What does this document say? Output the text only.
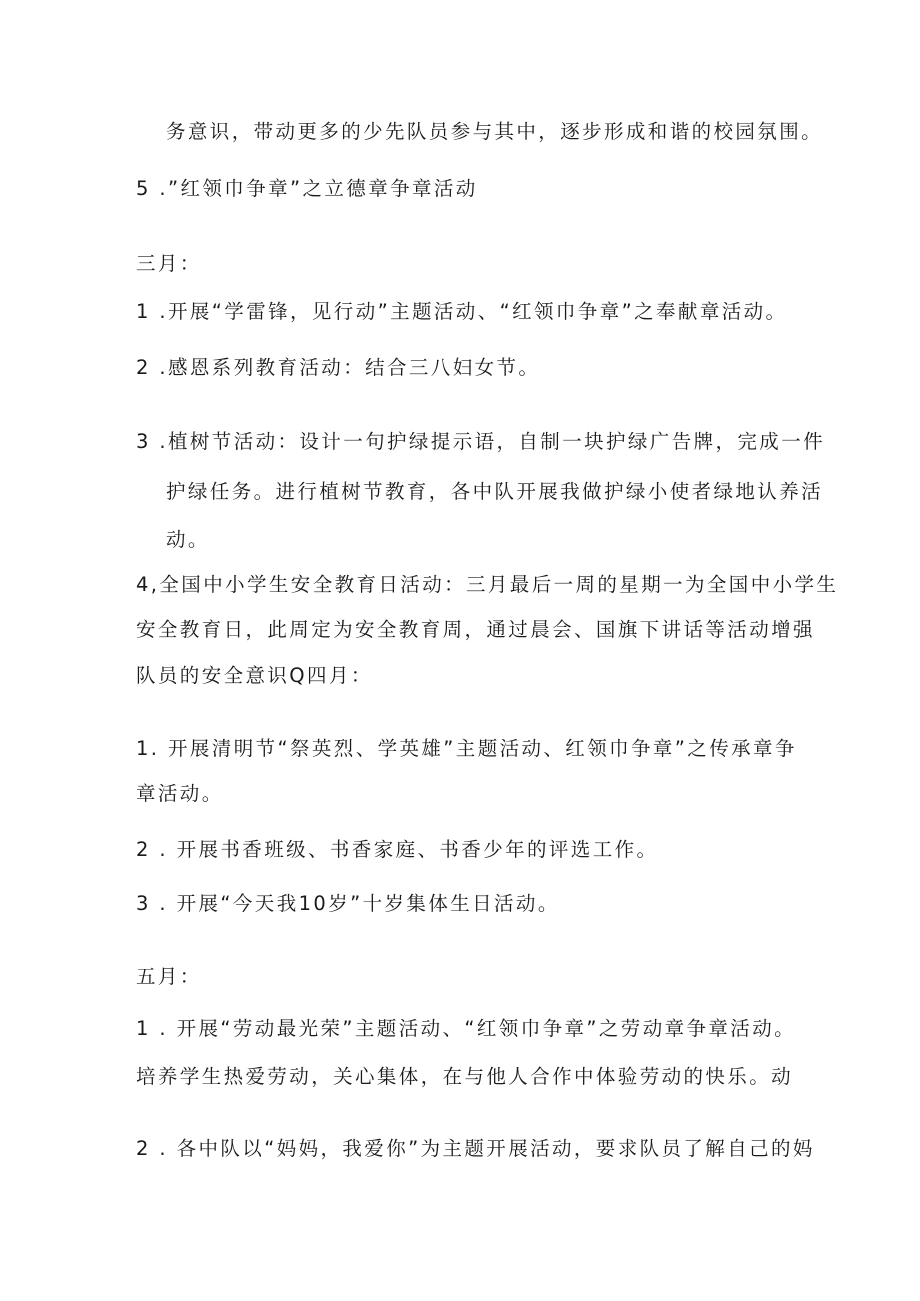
务意识，带动更多的少先队员参与其中，逐步形成和谐的校园氛围。
5 .”红领巾争章”之立德章争章活动
三月：
1 .开展“学雷锋，见行动”主题活动、“红领巾争章”之奉献章活动。
2 .感恩系列教育活动：结合三八妇女节。
3 .植树节活动：设计一句护绿提示语，自制一块护绿广告牌，完成一件
护绿任务。进行植树节教育，各中队开展我做护绿小使者绿地认养活
动。
4,全国中小学生安全教育日活动：三月最后一周的星期一为全国中小学生
安全教育日，此周定为安全教育周，通过晨会、国旗下讲话等活动增强
队员的安全意识Q四月：
1. 开展清明节“祭英烈、学英雄”主题活动、红领巾争章”之传承章争
章活动。
2 . 开展书香班级、书香家庭、书香少年的评选工作。
3 . 开展“今天我10岁”十岁集体生日活动。
五月：
1 . 开展“劳动最光荣”主题活动、“红领巾争章”之劳动章争章活动。
培养学生热爱劳动，关心集体，在与他人合作中体验劳动的快乐。动
2 . 各中队以“妈妈，我爱你”为主题开展活动，要求队员了解自己的妈
